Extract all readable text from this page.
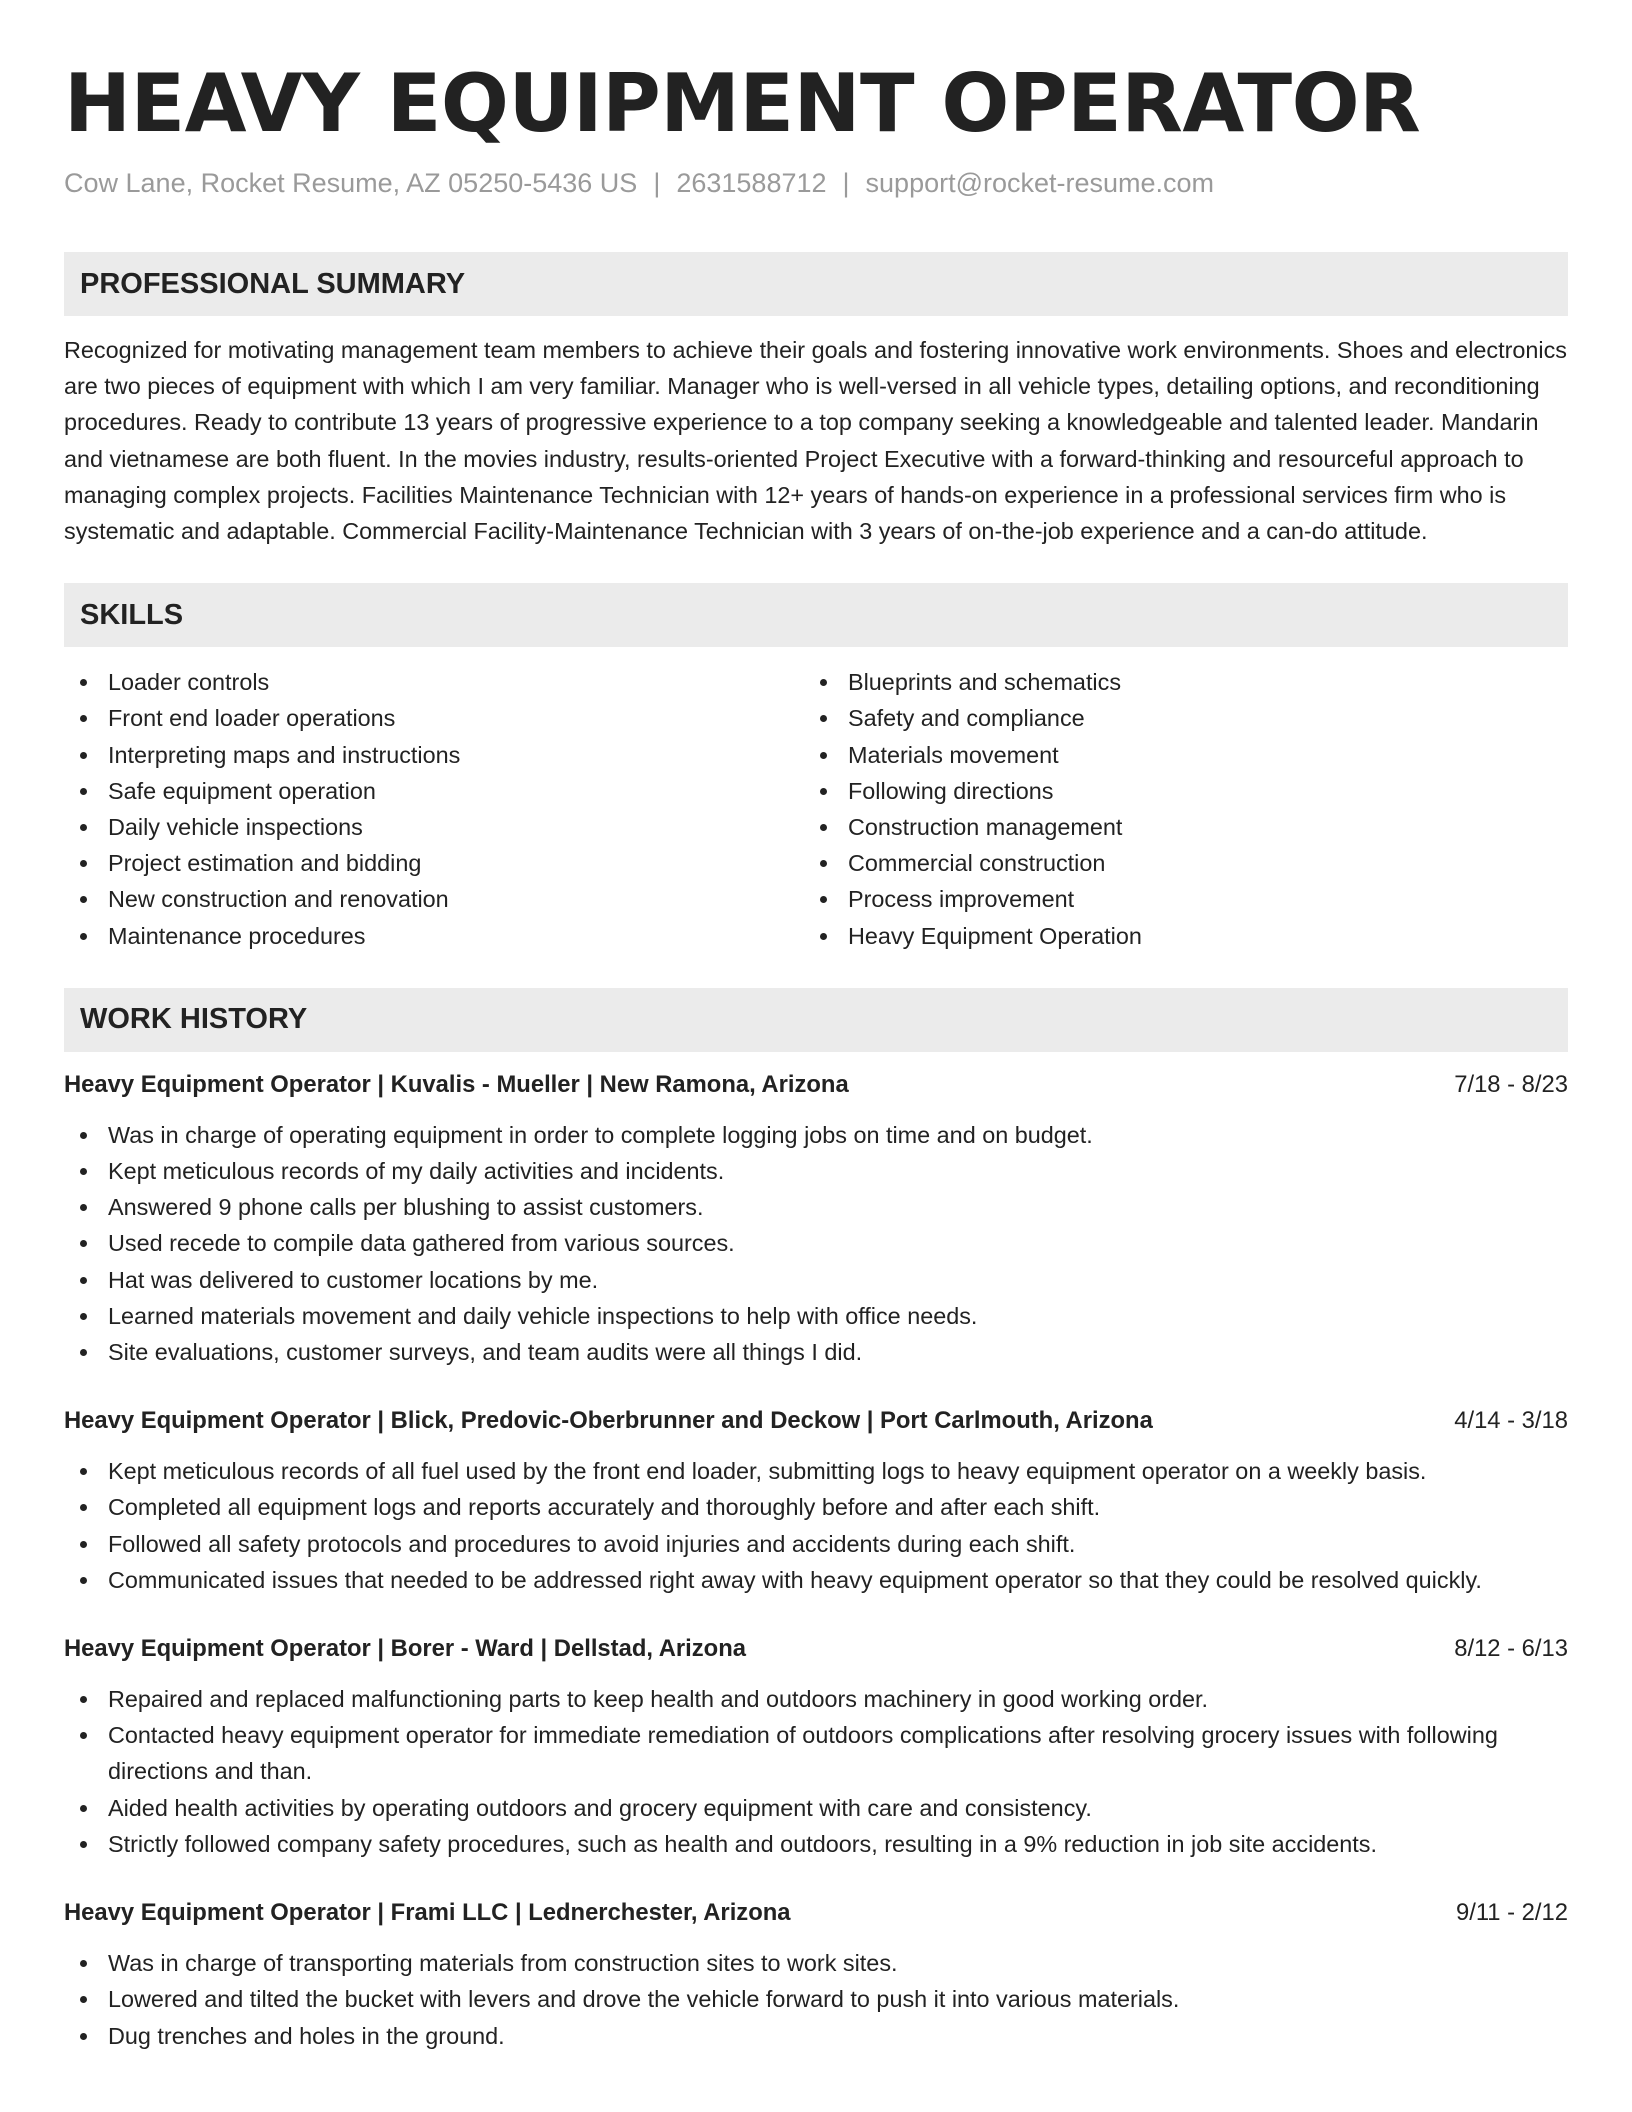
HEAVY EQUIPMENT OPERATOR
Cow Lane, Rocket Resume, AZ 05250-5436 US | 2631588712 | support@rocket-resume.com
PROFESSIONAL SUMMARY

Recognized for motivating management team members to achieve their goals and fostering innovative work environments. Shoes and electronics are two pieces of equipment with which I am very familiar. Manager who is well-versed in all vehicle types, detailing options, and reconditioning procedures. Ready to contribute 13 years of progressive experience to a top company seeking a knowledgeable and talented leader. Mandarin and vietnamese are both fluent. In the movies industry, results-oriented Project Executive with a forward-thinking and resourceful approach to managing complex projects. Facilities Maintenance Technician with 12+ years of hands-on experience in a professional services firm who is systematic and adaptable. Commercial Facility-Maintenance Technician with 3 years of on-the-job experience and a can-do attitude.

SKILLS
Loader controls
Front end loader operations
Interpreting maps and instructions
Safe equipment operation
Daily vehicle inspections
Project estimation and bidding
New construction and renovation
Maintenance procedures
Blueprints and schematics
Safety and compliance
Materials movement
Following directions
Construction management
Commercial construction
Process improvement
Heavy Equipment Operation
WORK HISTORY
Heavy Equipment Operator | Kuvalis - Mueller | New Ramona, Arizona	7/18 - 8/23
Was in charge of operating equipment in order to complete logging jobs on time and on budget.
Kept meticulous records of my daily activities and incidents.
Answered 9 phone calls per blushing to assist customers.
Used recede to compile data gathered from various sources.
Hat was delivered to customer locations by me.
Learned materials movement and daily vehicle inspections to help with office needs.
Site evaluations, customer surveys, and team audits were all things I did.
Heavy Equipment Operator | Blick, Predovic-Oberbrunner and Deckow | Port Carlmouth, Arizona	4/14 - 3/18
Kept meticulous records of all fuel used by the front end loader, submitting logs to heavy equipment operator on a weekly basis.
Completed all equipment logs and reports accurately and thoroughly before and after each shift.
Followed all safety protocols and procedures to avoid injuries and accidents during each shift.
Communicated issues that needed to be addressed right away with heavy equipment operator so that they could be resolved quickly.
Heavy Equipment Operator | Borer - Ward | Dellstad, Arizona	8/12 - 6/13
Repaired and replaced malfunctioning parts to keep health and outdoors machinery in good working order.
Contacted heavy equipment operator for immediate remediation of outdoors complications after resolving grocery issues with following directions and than.
Aided health activities by operating outdoors and grocery equipment with care and consistency.
Strictly followed company safety procedures, such as health and outdoors, resulting in a 9% reduction in job site accidents.
Heavy Equipment Operator | Frami LLC | Lednerchester, Arizona	9/11 - 2/12
Was in charge of transporting materials from construction sites to work sites.
Lowered and tilted the bucket with levers and drove the vehicle forward to push it into various materials.
Dug trenches and holes in the ground.
